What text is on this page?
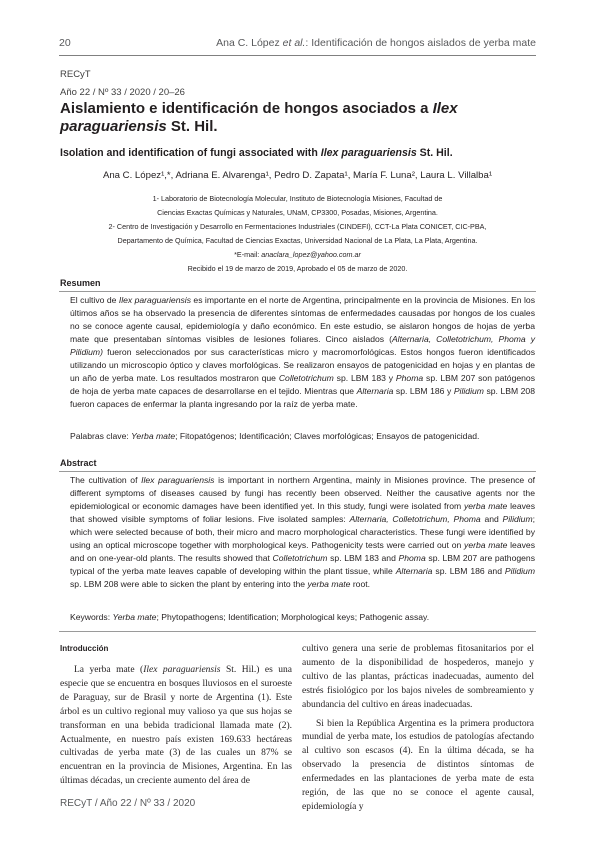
20	Ana C. López et al.: Identificación de hongos aislados de yerba mate
RECyT
Año 22 / Nº 33 / 2020 / 20–26
Aislamiento e identificación de hongos asociados a Ilex
paraguariensis St. Hil.
Isolation and identification of fungi associated with Ilex paraguariensis St. Hil.
Ana C. López¹,*, Adriana E. Alvarenga¹, Pedro D. Zapata¹, María F. Luna², Laura L. Villalba¹
1- Laboratorio de Biotecnología Molecular, Instituto de Biotecnología Misiones, Facultad de
Ciencias Exactas Químicas y Naturales, UNaM, CP3300, Posadas, Misiones, Argentina.
2- Centro de Investigación y Desarrollo en Fermentaciones Industriales (CINDEFI), CCT-La Plata CONICET, CIC-PBA,
Departamento de Química, Facultad de Ciencias Exactas, Universidad Nacional de La Plata, La Plata, Argentina.
*E-mail: anaclara_lopez@yahoo.com.ar
Recibido el 19 de marzo de 2019, Aprobado el 05 de marzo de 2020.
Resumen
El cultivo de Ilex paraguariensis es importante en el norte de Argentina, principalmente en la provincia de Misiones. En los últimos años se ha observado la presencia de diferentes síntomas de enfermedades causadas por hongos de los cuales no se conoce agente causal, epidemiología y daño económico. En este estudio, se aislaron hongos de hojas de yerba mate que presentaban síntomas visibles de lesiones foliares. Cinco aislados (Alternaria, Colletotrichum, Phoma y Pilidium) fueron seleccionados por sus características micro y macromorfológicas. Estos hongos fueron identificados utilizando un microscopio óptico y claves morfológicas. Se realizaron ensayos de patogenicidad en hojas y en plantas de un año de yerba mate. Los resultados mostraron que Colletotrichum sp. LBM 183 y Phoma sp. LBM 207 son patógenos de hoja de yerba mate capaces de desarrollarse en el tejido. Mientras que Alternaria sp. LBM 186 y Pilidium sp. LBM 208 fueron capaces de enfermar la planta ingresando por la raíz de yerba mate.
Palabras clave: Yerba mate; Fitopatógenos; Identificación; Claves morfológicas; Ensayos de patogenicidad.
Abstract
The cultivation of Ilex paraguariensis is important in northern Argentina, mainly in Misiones province. The presence of different symptoms of diseases caused by fungi has recently been observed. Neither the causative agents nor the epidemiological or economic damages have been identified yet. In this study, fungi were isolated from yerba mate leaves that showed visible symptoms of foliar lesions. Five isolated samples: Alternaria, Colletotrichum, Phoma and Pilidium; which were selected because of both, their micro and macro morphological characteristics. These fungi were identified by using an optical microscope together with morphological keys. Pathogenicity tests were carried out on yerba mate leaves and on one-year-old plants. The results showed that Colletotrichum sp. LBM 183 and Phoma sp. LBM 207 are pathogens typical of the yerba mate leaves capable of developing within the plant tissue, while Alternaria sp. LBM 186 and Pilidium sp. LBM 208 were able to sicken the plant by entering into the yerba mate root.
Keywords: Yerba mate; Phytopathogens; Identification; Morphological keys; Pathogenic assay.
Introducción

La yerba mate (Ilex paraguariensis St. Hil.) es una especie que se encuentra en bosques lluviosos en el suroeste de Paraguay, sur de Brasil y norte de Argentina (1). Este árbol es un cultivo regional muy valioso ya que sus hojas se transforman en una bebida tradicional llamada mate (2). Actualmente, en nuestro país existen 169.633 hectáreas cultivadas de yerba mate (3) de las cuales un 87% se encuentran en la provincia de Misiones, Argentina. En las últimas décadas, un creciente aumento del área de

cultivo genera una serie de problemas fitosanitarios por el aumento de la disponibilidad de hospederos, manejo y cultivo de las plantas, prácticas inadecuadas, aumento del estrés fisiológico por los bajos niveles de sombreamiento y abundancia del cultivo en áreas inadecuadas.

Si bien la República Argentina es la primera productora mundial de yerba mate, los estudios de patologías afectando al cultivo son escasos (4). En la última década, se ha observado la presencia de distintos síntomas de enfermedades en las plantaciones de yerba mate de esta región, de las que no se conoce el agente causal, epidemiología y

RECyT / Año 22 / Nº 33 / 2020
